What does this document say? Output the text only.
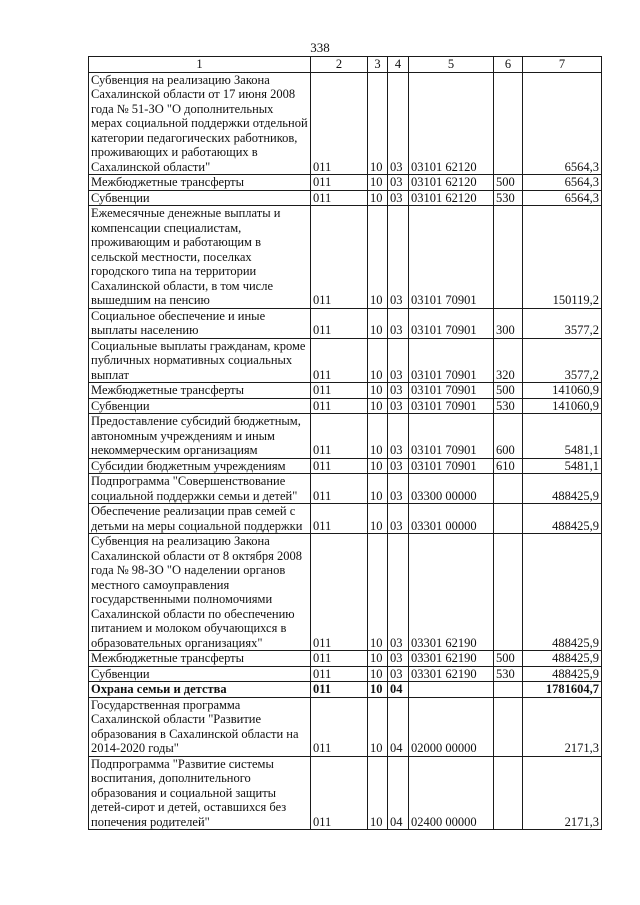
338
1	2	3	4	5	6	7
Субвенция на реализацию Закона Сахалинской области от 17 июня 2008 года № 51-ЗО "О дополнительных мерах социальной поддержки отдельной категории педагогических работников, проживающих и работающих в Сахалинской области"	011	10	03	03101 62120		6564,3
Межбюджетные трансферты	011	10	03	03101 62120	500	6564,3
Субвенции	011	10	03	03101 62120	530	6564,3
Ежемесячные денежные выплаты и компенсации специалистам, проживающим и работающим в сельской местности, поселках городского типа на территории Сахалинской области, в том числе вышедшим на пенсию	011	10	03	03101 70901		150119,2
Социальное обеспечение и иные выплаты населению	011	10	03	03101 70901	300	3577,2
Социальные выплаты гражданам, кроме публичных нормативных социальных выплат	011	10	03	03101 70901	320	3577,2
Межбюджетные трансферты	011	10	03	03101 70901	500	141060,9
Субвенции	011	10	03	03101 70901	530	141060,9
Предоставление субсидий бюджетным, автономным учреждениям и иным некоммерческим организациям	011	10	03	03101 70901	600	5481,1
Субсидии бюджетным учреждениям	011	10	03	03101 70901	610	5481,1
Подпрограмма "Совершенствование социальной поддержки семьи и детей"	011	10	03	03300 00000		488425,9
Обеспечение реализации прав семей с детьми на меры социальной поддержки	011	10	03	03301 00000		488425,9
Субвенция на реализацию Закона Сахалинской области от 8 октября 2008 года № 98-ЗО "О наделении органов местного самоуправления государственными полномочиями Сахалинской области по обеспечению питанием и молоком обучающихся в образовательных организациях"	011	10	03	03301 62190		488425,9
Межбюджетные трансферты	011	10	03	03301 62190	500	488425,9
Субвенции	011	10	03	03301 62190	530	488425,9
Охрана семьи и детства	011	10	04			1781604,7
Государственная программа Сахалинской области "Развитие образования в Сахалинской области на 2014-2020 годы"	011	10	04	02000 00000		2171,3
Подпрограмма "Развитие системы воспитания, дополнительного образования и социальной защиты детей-сирот и детей, оставшихся без попечения родителей"	011	10	04	02400 00000		2171,3
